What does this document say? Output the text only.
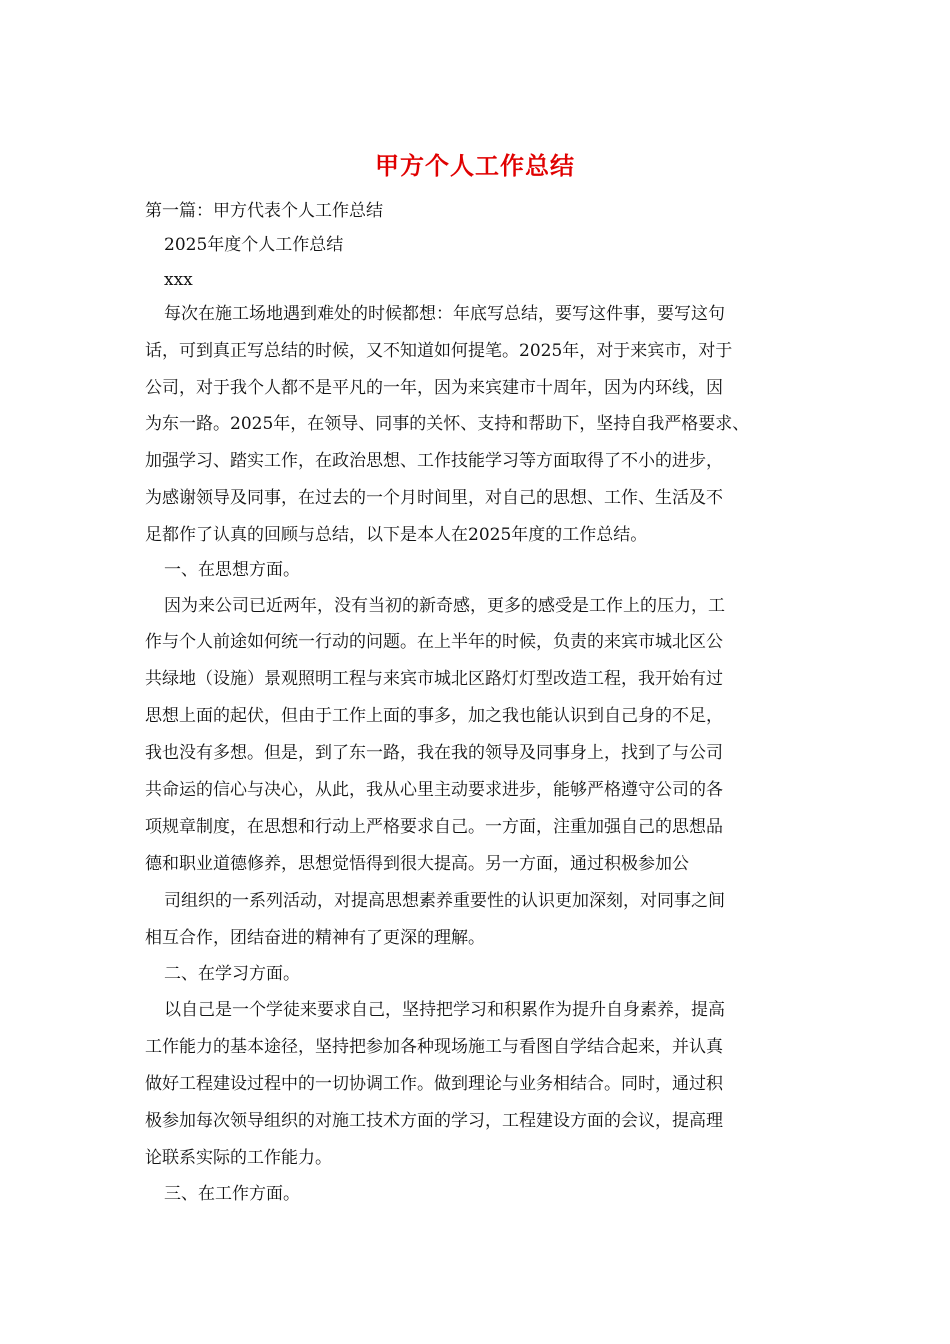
甲方个人工作总结
第一篇：甲方代表个人工作总结
2025年度个人工作总结
xxx
每次在施工场地遇到难处的时候都想：年底写总结，要写这件事，要写这句
话，可到真正写总结的时候，又不知道如何提笔。2025年，对于来宾市，对于
公司，对于我个人都不是平凡的一年，因为来宾建市十周年，因为内环线，因
为东一路。2025年，在领导、同事的关怀、支持和帮助下，坚持自我严格要求、
加强学习、踏实工作，在政治思想、工作技能学习等方面取得了不小的进步，
为感谢领导及同事，在过去的一个月时间里，对自己的思想、工作、生活及不
足都作了认真的回顾与总结，以下是本人在2025年度的工作总结。
一、在思想方面。
因为来公司已近两年，没有当初的新奇感，更多的感受是工作上的压力，工
作与个人前途如何统一行动的问题。在上半年的时候，负责的来宾市城北区公
共绿地（设施）景观照明工程与来宾市城北区路灯灯型改造工程，我开始有过
思想上面的起伏，但由于工作上面的事多，加之我也能认识到自己身的不足，
我也没有多想。但是，到了东一路，我在我的领导及同事身上，找到了与公司
共命运的信心与决心，从此，我从心里主动要求进步，能够严格遵守公司的各
项规章制度，在思想和行动上严格要求自己。一方面，注重加强自己的思想品
德和职业道德修养，思想觉悟得到很大提高。另一方面，通过积极参加公
司组织的一系列活动，对提高思想素养重要性的认识更加深刻，对同事之间
相互合作，团结奋进的精神有了更深的理解。
二、在学习方面。
以自己是一个学徒来要求自己，坚持把学习和积累作为提升自身素养，提高
工作能力的基本途径，坚持把参加各种现场施工与看图自学结合起来，并认真
做好工程建设过程中的一切协调工作。做到理论与业务相结合。同时，通过积
极参加每次领导组织的对施工技术方面的学习，工程建设方面的会议，提高理
论联系实际的工作能力。
三、在工作方面。
